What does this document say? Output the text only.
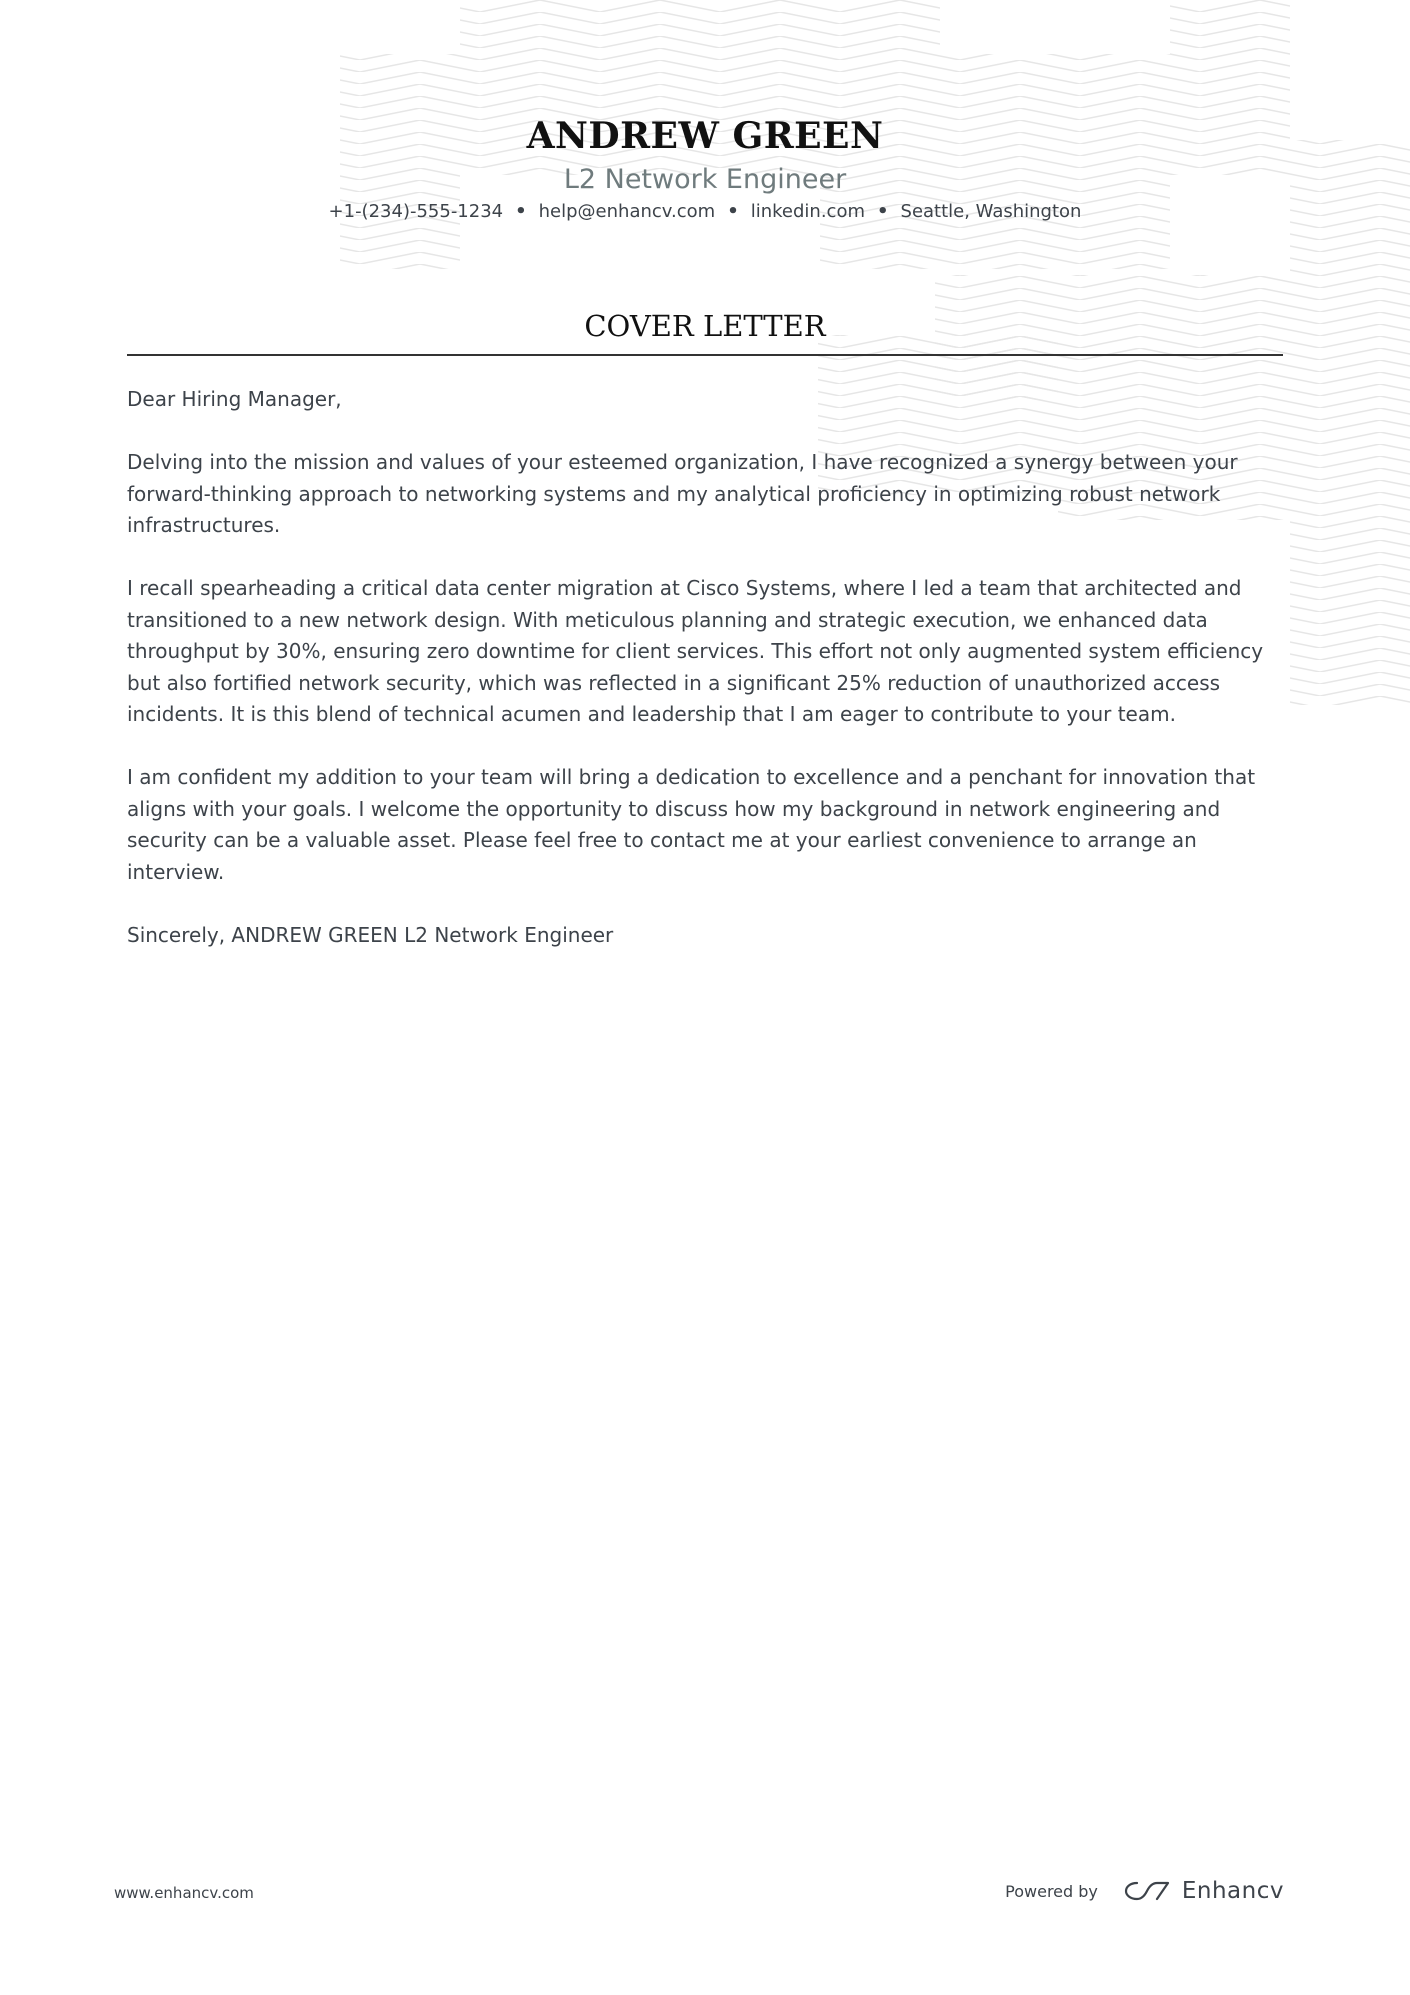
ANDREW GREEN
L2 Network Engineer
+1-(234)-555-1234 • help@enhancv.com • linkedin.com • Seattle, Washington
COVER LETTER

Dear Hiring Manager,

Delving into the mission and values of your esteemed organization, I have recognized a synergy between your forward-thinking approach to networking systems and my analytical proficiency in optimizing robust network infrastructures.

I recall spearheading a critical data center migration at Cisco Systems, where I led a team that architected and transitioned to a new network design. With meticulous planning and strategic execution, we enhanced data throughput by 30%, ensuring zero downtime for client services. This effort not only augmented system efficiency but also fortified network security, which was reflected in a significant 25% reduction of unauthorized access incidents. It is this blend of technical acumen and leadership that I am eager to contribute to your team.

I am confident my addition to your team will bring a dedication to excellence and a penchant for innovation that aligns with your goals. I welcome the opportunity to discuss how my background in network engineering and security can be a valuable asset. Please feel free to contact me at your earliest convenience to arrange an interview.

Sincerely, ANDREW GREEN L2 Network Engineer

www.enhancv.com	Powered by	Enhancv
